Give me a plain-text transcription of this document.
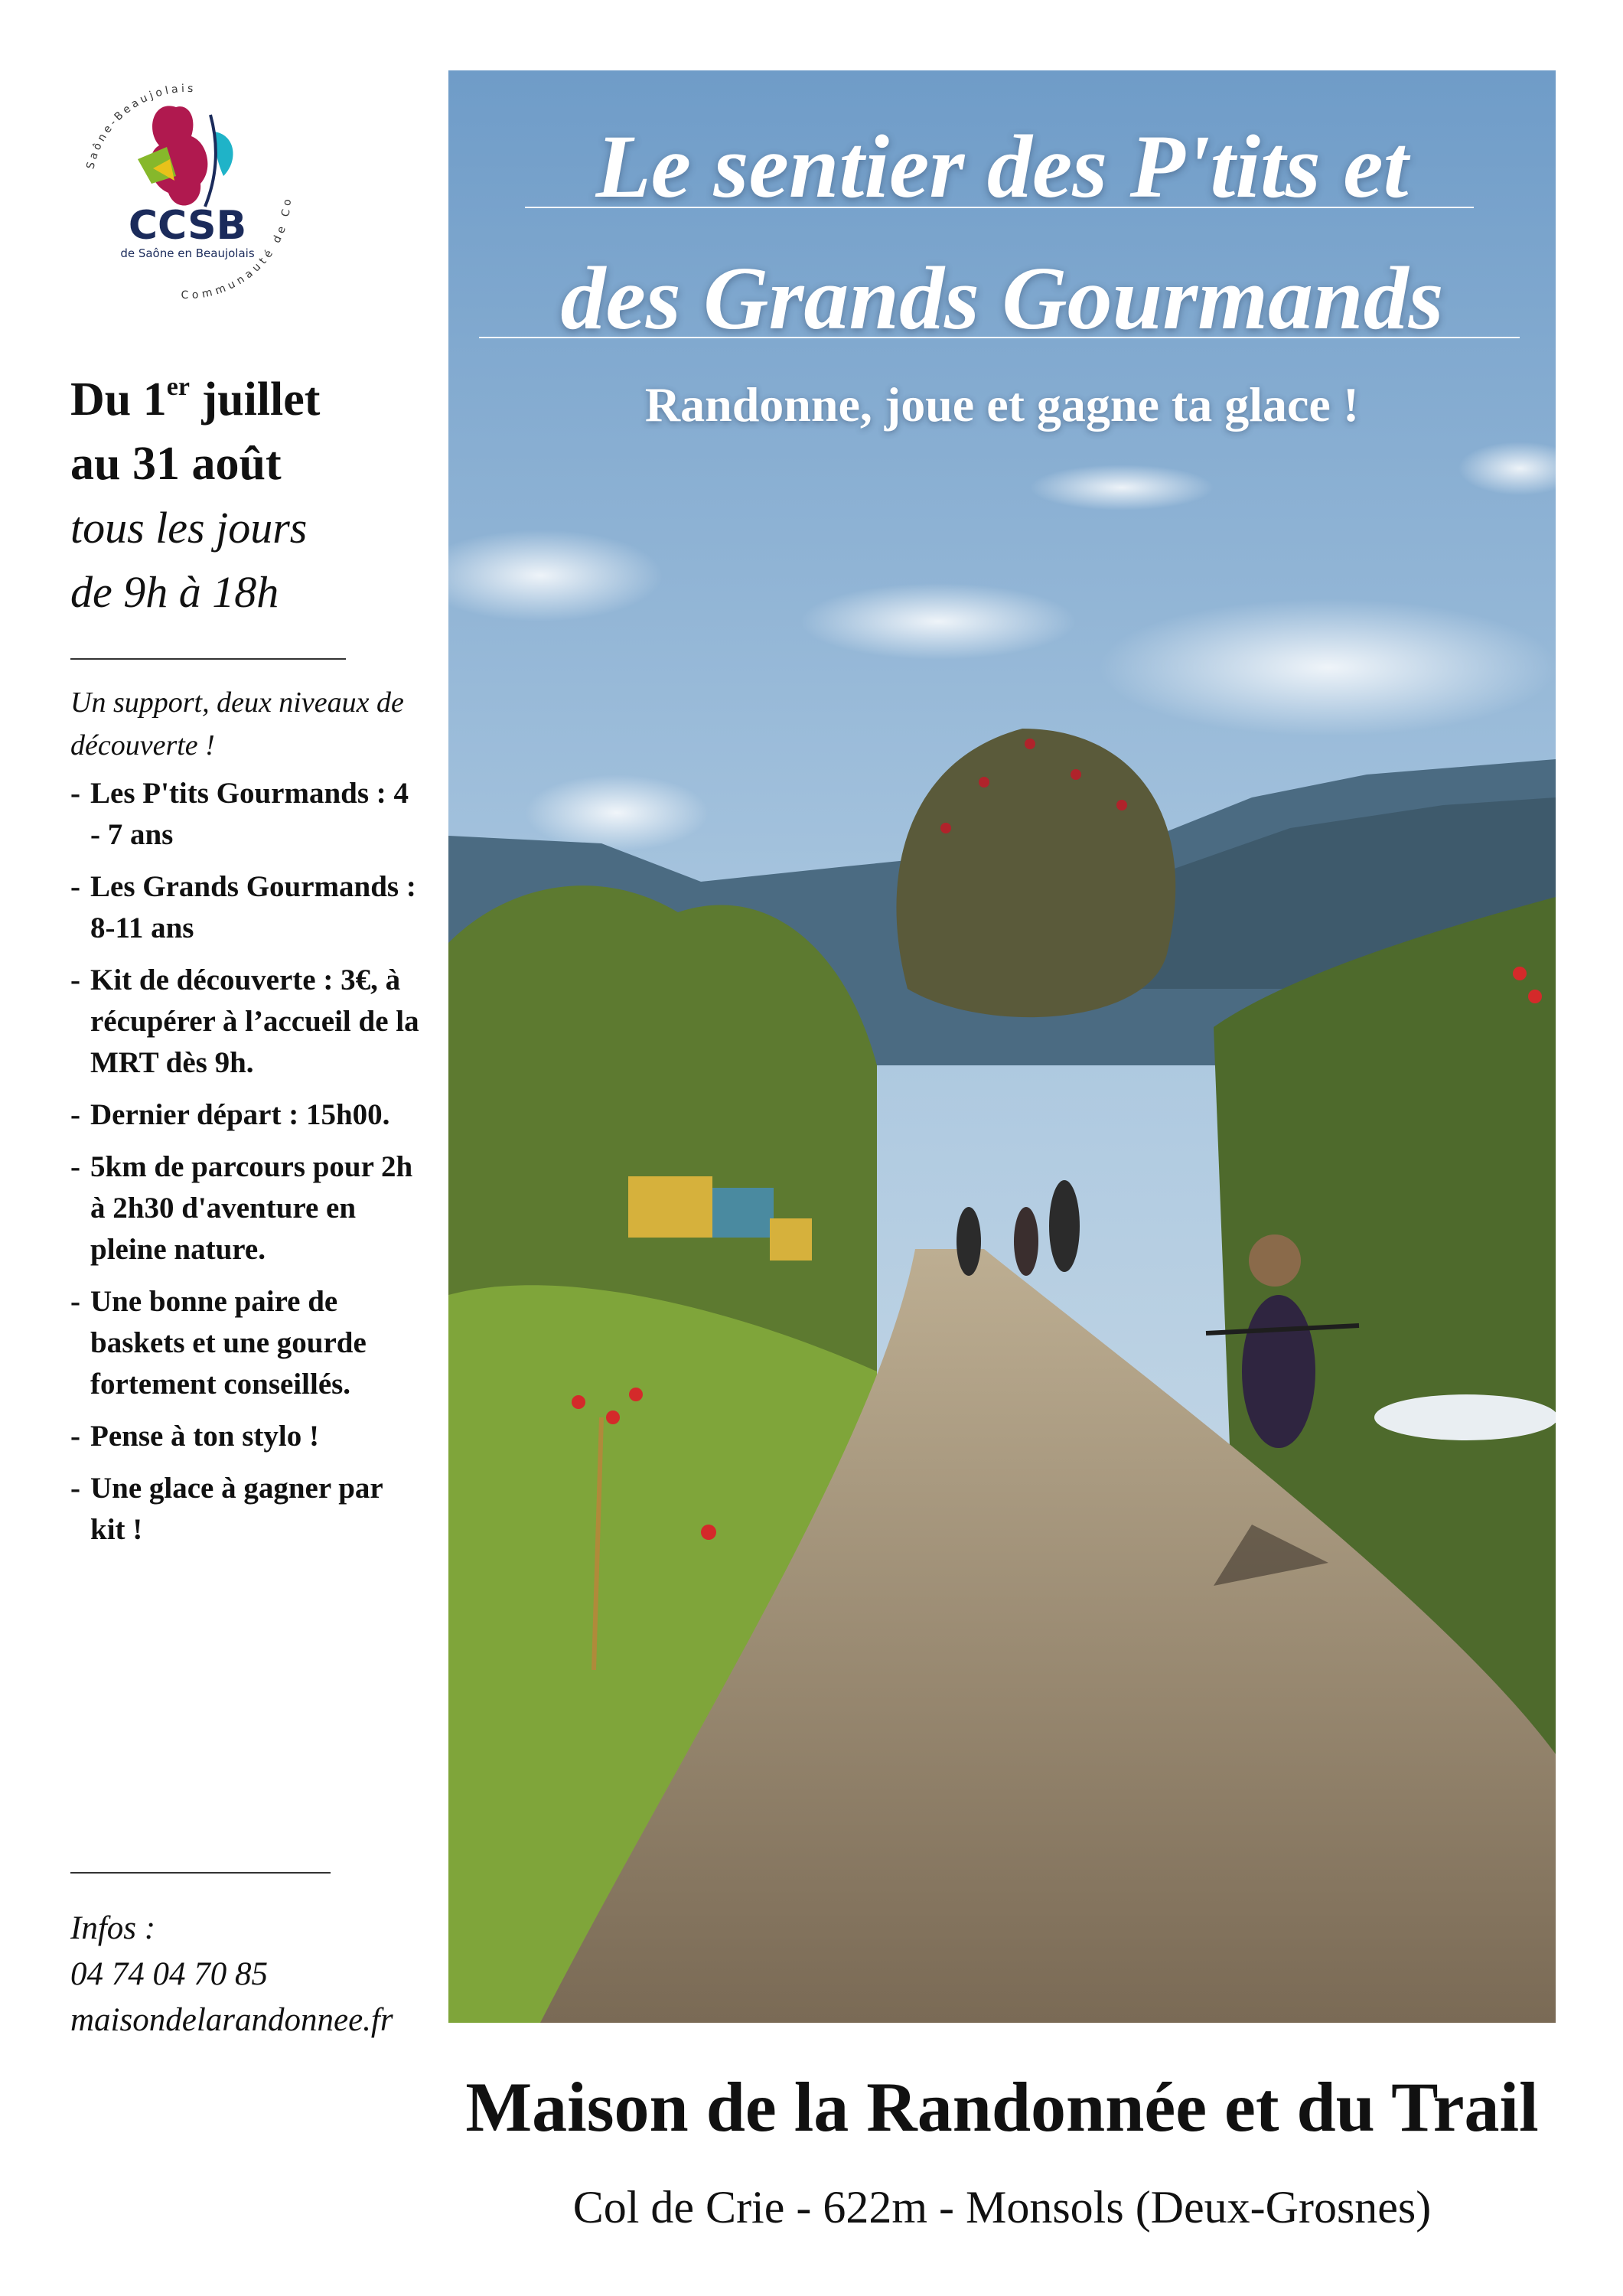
Saône-Beaujolais
Communauté de Co
CCSB
de Saône en Beaujolais
Du 1er juillet
au 31 août
tous les jours
de 9h à 18h
Un support, deux niveaux de découverte !
- Les P'tits Gourmands : 4 - 7 ans
- Les Grands Gourmands : 8-11 ans
- Kit de découverte : 3€, à récupérer à l’accueil de la MRT dès 9h.
- Dernier départ : 15h00.
- 5km de parcours pour 2h à 2h30 d'aventure en pleine nature.
- Une bonne paire de baskets et une gourde fortement conseillés.
- Pense à ton stylo !
- Une glace à gagner par kit !
Infos :
04 74 04 70 85
maisondelarandonnee.fr
Le sentier des P'tits et
des Grands Gourmands
Randonne, joue et gagne ta glace !
Maison de la Randonnée et du Trail
Col de Crie - 622m - Monsols (Deux-Grosnes)
